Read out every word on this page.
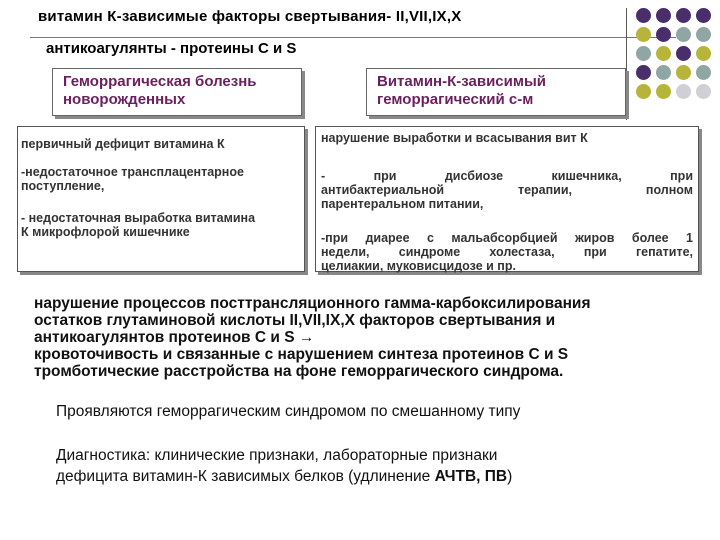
витамин К-зависимые факторы свертывания- II,VII,IX,X
антикоагулянты - протеины С и S
Геморрагическая болезнь новорожденных
Витамин-К-зависимый геморрагический с-м
первичный дефицит витамина К
-недостаточное трансплацентарное поступление,
- недостаточная выработка витамина К микрофлорой кишечнике
нарушение выработки и всасывания вит К
- при дисбиозе кишечника, при
антибактериальной терапии, полном
парентеральном питании,
-при диарее с мальабсорбцией жиров более 1
недели, синдроме холестаза, при гепатите,
целиакии, муковисцидозе и пр.
нарушение процессов посттрансляционного гамма-карбоксилирования
остатков глутаминовой кислоты II,VII,IX,X факторов свертывания и
антикоагулянтов протеинов С и S →
кровоточивость и связанные с нарушением синтеза протеинов С и S
тромботические расстройства на фоне геморрагического синдрома.
Проявляются геморрагическим синдромом по смешанному типу
Диагностика: клинические признаки, лабораторные признаки
дефицита витамин-К зависимых белков (удлинение АЧТВ, ПВ)
